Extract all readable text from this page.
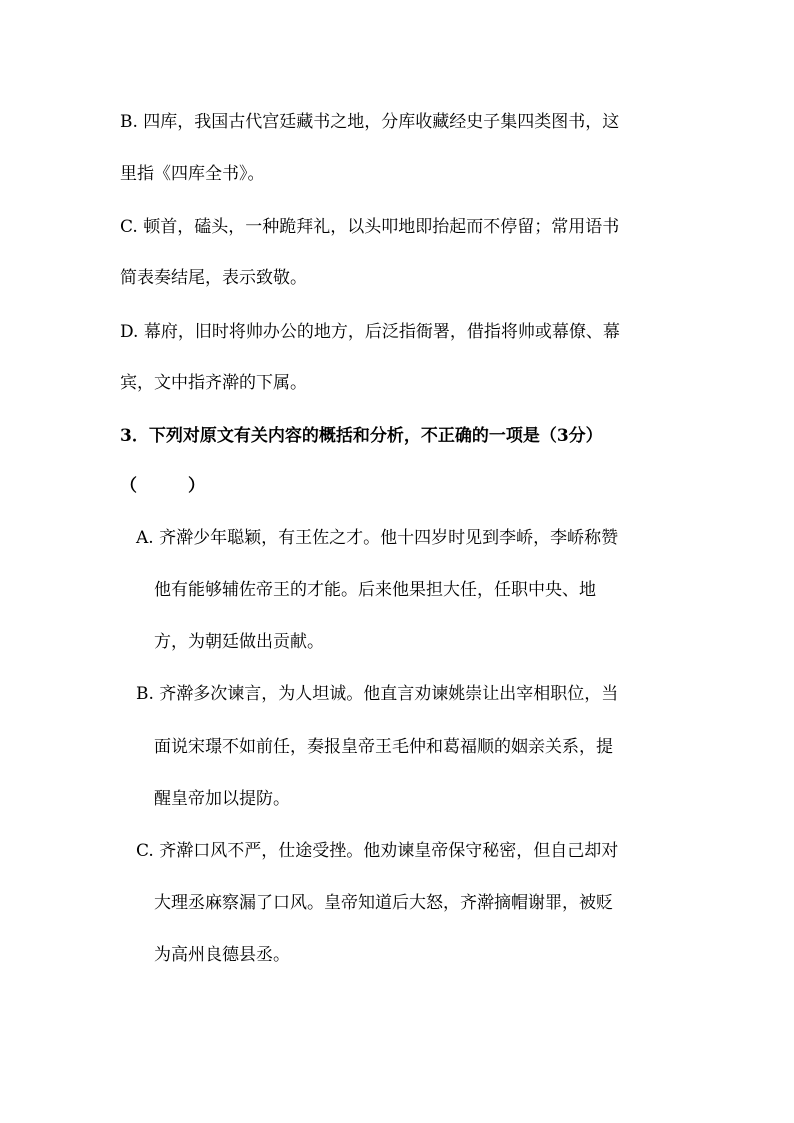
B. 四库，我国古代宫廷藏书之地，分库收藏经史子集四类图书，这
里指《四库全书》。
C. 顿首，磕头，一种跪拜礼，以头叩地即抬起而不停留；常用语书
简表奏结尾，表示致敬。
D. 幕府，旧时将帅办公的地方，后泛指衙署，借指将帅或幕僚、幕
宾，文中指齐澣的下属。
3．下列对原文有关内容的概括和分析，不正确的一项是（3分）
（　　　）
A. 齐澣少年聪颖，有王佐之才。他十四岁时见到李峤，李峤称赞
他有能够辅佐帝王的才能。后来他果担大任，任职中央、地
方，为朝廷做出贡献。
B. 齐澣多次谏言，为人坦诚。他直言劝谏姚崇让出宰相职位，当
面说宋璟不如前任，奏报皇帝王毛仲和葛福顺的姻亲关系，提
醒皇帝加以提防。
C. 齐澣口风不严，仕途受挫。他劝谏皇帝保守秘密，但自己却对
大理丞麻察漏了口风。皇帝知道后大怒，齐澣摘帽谢罪，被贬
为高州良德县丞。
